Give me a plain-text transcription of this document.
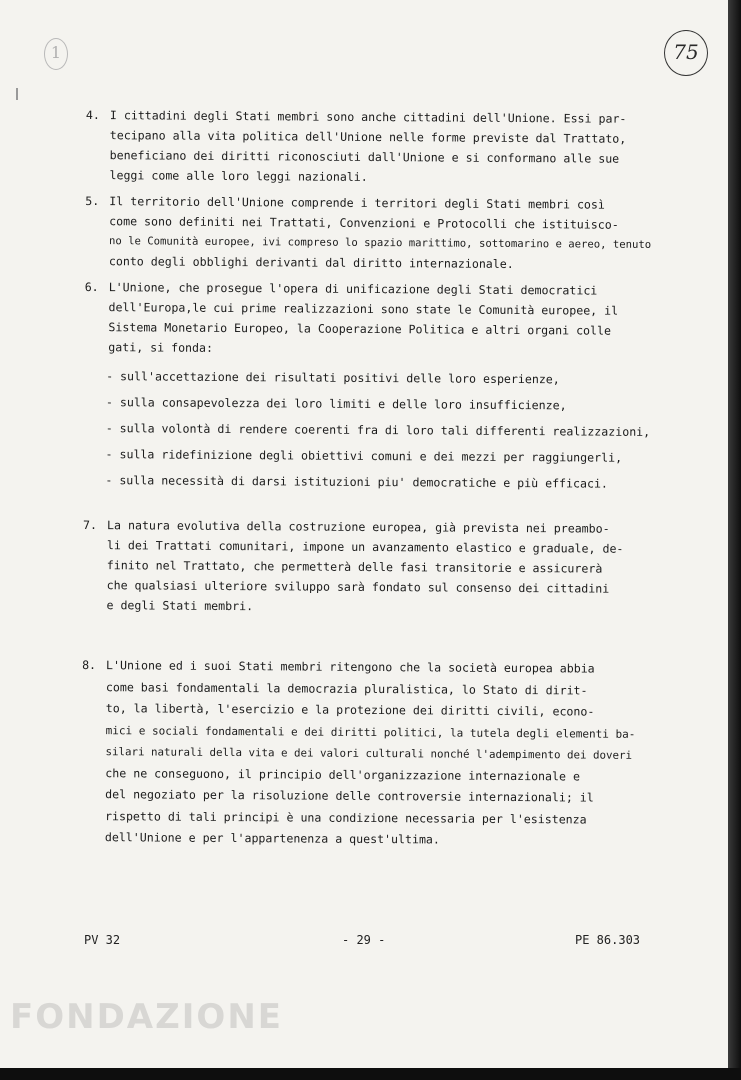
1	75
4. I cittadini degli Stati membri sono anche cittadini dell'Unione. Essi par-
tecipano alla vita politica dell'Unione nelle forme previste dal Trattato,
beneficiano dei diritti riconosciuti dall'Unione e si conformano alle sue
leggi come alle loro leggi nazionali.
5. Il territorio dell'Unione comprende i territori degli Stati membri così
come sono definiti nei Trattati, Convenzioni e Protocolli che istituisco-
no le Comunità europee, ivi compreso lo spazio marittimo, sottomarino e aereo, tenuto
conto degli obblighi derivanti dal diritto internazionale.
6. L'Unione, che prosegue l'opera di unificazione degli Stati democratici
dell'Europa,le cui prime realizzazioni sono state le Comunità europee, il
Sistema Monetario Europeo, la Cooperazione Politica e altri organi colle
gati, si fonda:
- sull'accettazione dei risultati positivi delle loro esperienze,
- sulla consapevolezza dei loro limiti e delle loro insufficienze,
- sulla volontà di rendere coerenti fra di loro tali differenti realizzazioni,
- sulla ridefinizione degli obiettivi comuni e dei mezzi per raggiungerli,
- sulla necessità di darsi istituzioni piu' democratiche e più efficaci.
7. La natura evolutiva della costruzione europea, già prevista nei preambo-
li dei Trattati comunitari, impone un avanzamento elastico e graduale, de-
finito nel Trattato, che permetterà delle fasi transitorie e assicurerà
che qualsiasi ulteriore sviluppo sarà fondato sul consenso dei cittadini
e degli Stati membri.
8. L'Unione ed i suoi Stati membri ritengono che la società europea abbia
come basi fondamentali la democrazia pluralistica, lo Stato di dirit-
to, la libertà, l'esercizio e la protezione dei diritti civili, econo-
mici e sociali fondamentali e dei diritti politici, la tutela degli elementi ba-
silari naturali della vita e dei valori culturali nonché l'adempimento dei doveri
che ne conseguono, il principio dell'organizzazione internazionale e
del negoziato per la risoluzione delle controversie internazionali; il
rispetto di tali principi è una condizione necessaria per l'esistenza
dell'Unione e per l'appartenenza a quest'ultima.
PV 32	- 29 -	PE 86.303
FONDAZIONE
